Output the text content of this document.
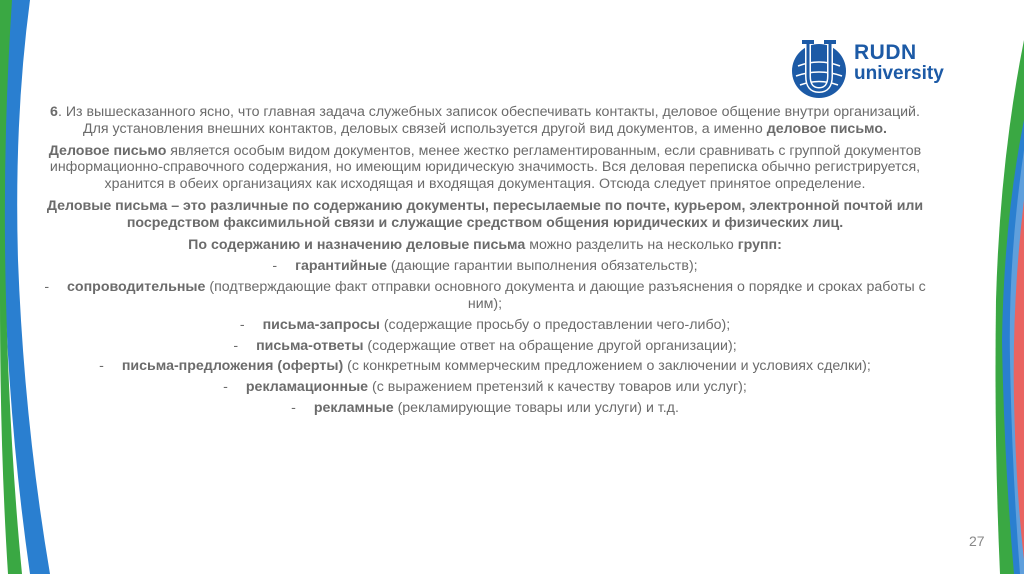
RUDN
university

6. Из вышесказанного ясно, что главная задача служебных записок обеспечивать контакты, деловое общение внутри организаций. Для установления внешних контактов, деловых связей используется другой вид документов, а именно деловое письмо.

Деловое письмо является особым видом документов, менее жестко регламентированным, если сравнивать с группой документов информационно-справочного содержания, но имеющим юридическую значимость. Вся деловая переписка обычно регистрируется, хранится в обеих организациях как исходящая и входящая документация. Отсюда следует принятое определение.

Деловые письма – это различные по содержанию документы, пересылаемые по почте, курьером, электронной почтой или посредством факсимильной связи и служащие средством общения юридических и физических лиц.

По содержанию и назначению деловые письма можно разделить на несколько групп:

- гарантийные (дающие гарантии выполнения обязательств);
- сопроводительные (подтверждающие факт отправки основного документа и дающие разъяснения о порядке и сроках работы с ним);
- письма-запросы (содержащие просьбу о предоставлении чего-либо);
- письма-ответы (содержащие ответ на обращение другой организации);
- письма-предложения (оферты) (с конкретным коммерческим предложением о заключении и условиях сделки);
- рекламационные (с выражением претензий к качеству товаров или услуг);
- рекламные (рекламирующие товары или услуги) и т.д.
27
